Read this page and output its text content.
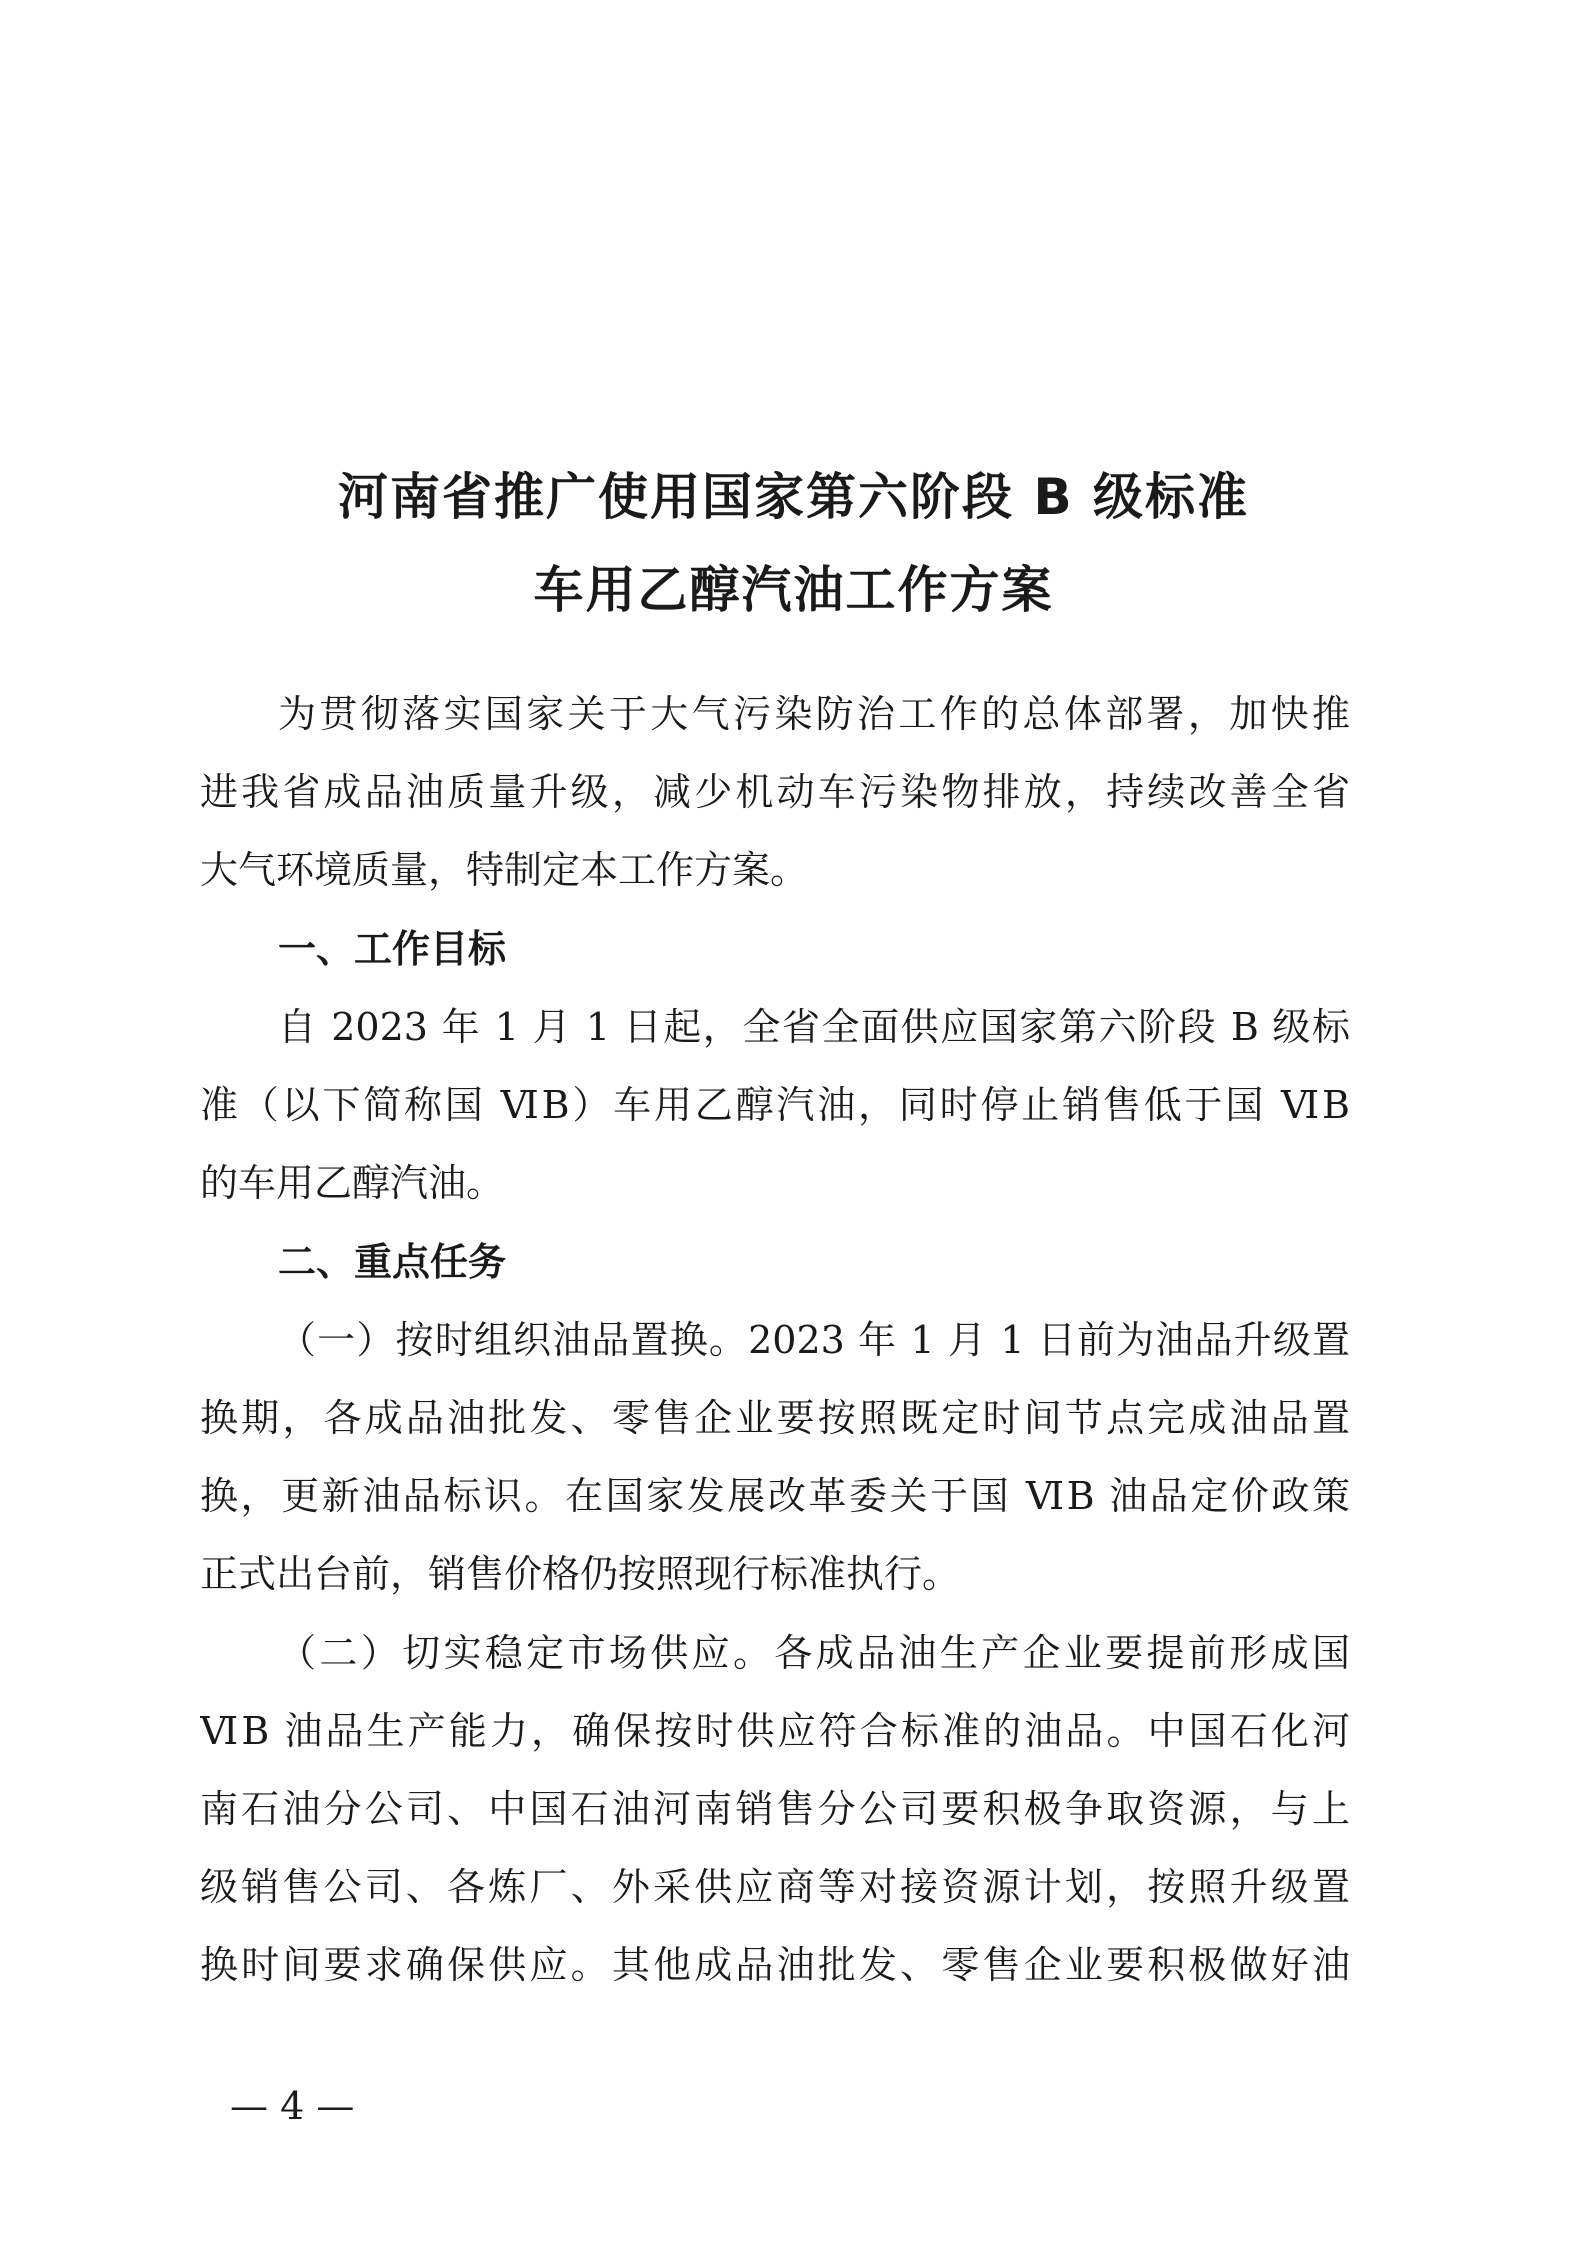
河南省推广使用国家第六阶段 B 级标准
车用乙醇汽油工作方案
为贯彻落实国家关于大气污染防治工作的总体部署，加快推
进我省成品油质量升级，减少机动车污染物排放，持续改善全省
大气环境质量，特制定本工作方案。
一、工作目标
自 2023 年 1 月 1 日起，全省全面供应国家第六阶段 B 级标
准（以下简称国 ⅥB）车用乙醇汽油，同时停止销售低于国 ⅥB
的车用乙醇汽油。
二、重点任务
（一）按时组织油品置换。2023 年 1 月 1 日前为油品升级置
换期，各成品油批发、零售企业要按照既定时间节点完成油品置
换，更新油品标识。在国家发展改革委关于国 ⅥB 油品定价政策
正式出台前，销售价格仍按照现行标准执行。
（二）切实稳定市场供应。各成品油生产企业要提前形成国
ⅥB 油品生产能力，确保按时供应符合标准的油品。中国石化河
南石油分公司、中国石油河南销售分公司要积极争取资源，与上
级销售公司、各炼厂、外采供应商等对接资源计划，按照升级置
换时间要求确保供应。其他成品油批发、零售企业要积极做好油
— 4 —
